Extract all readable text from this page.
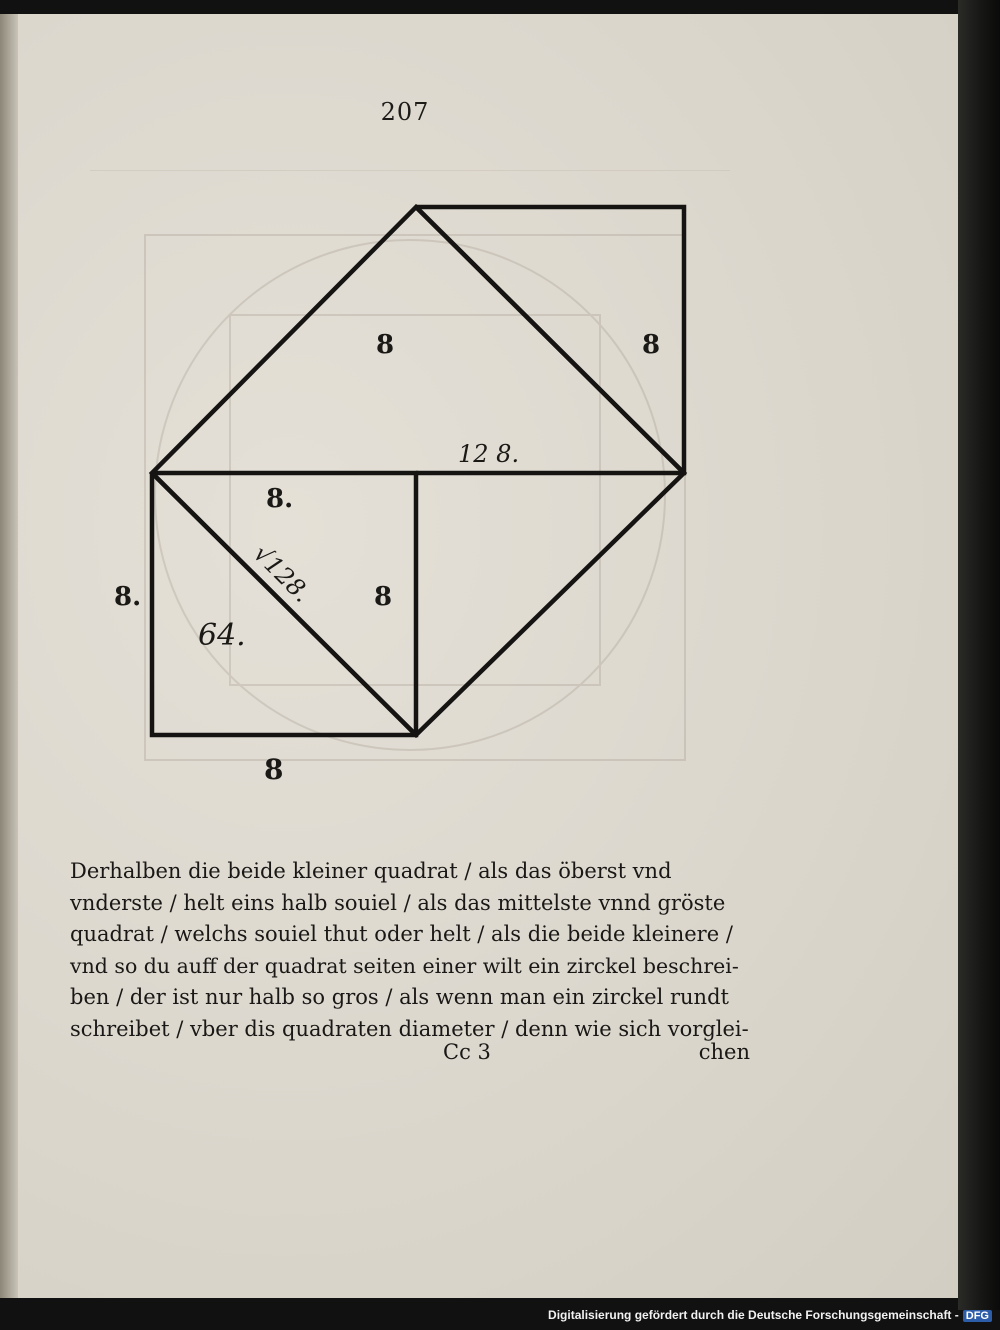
207
8	8
12 8.
8.
8.	√128. 8
64.
8
Derhalben die beide kleiner quadrat / als das öberst vnd
vnderste / helt eins halb souiel / als das mittelste vnnd gröste
quadrat / welchs souiel thut oder helt / als die beide kleinere /
vnd so du auff der quadrat seiten einer wilt ein zirckel beschrei-
ben / der ist nur halb so gros / als wenn man ein zirckel rundt
schreibet / vber dis quadraten diameter / denn wie sich vorglei-
Cc 3	chen
Digitalisierung gefördert durch die Deutsche Forschungsgemeinschaft - DFG
